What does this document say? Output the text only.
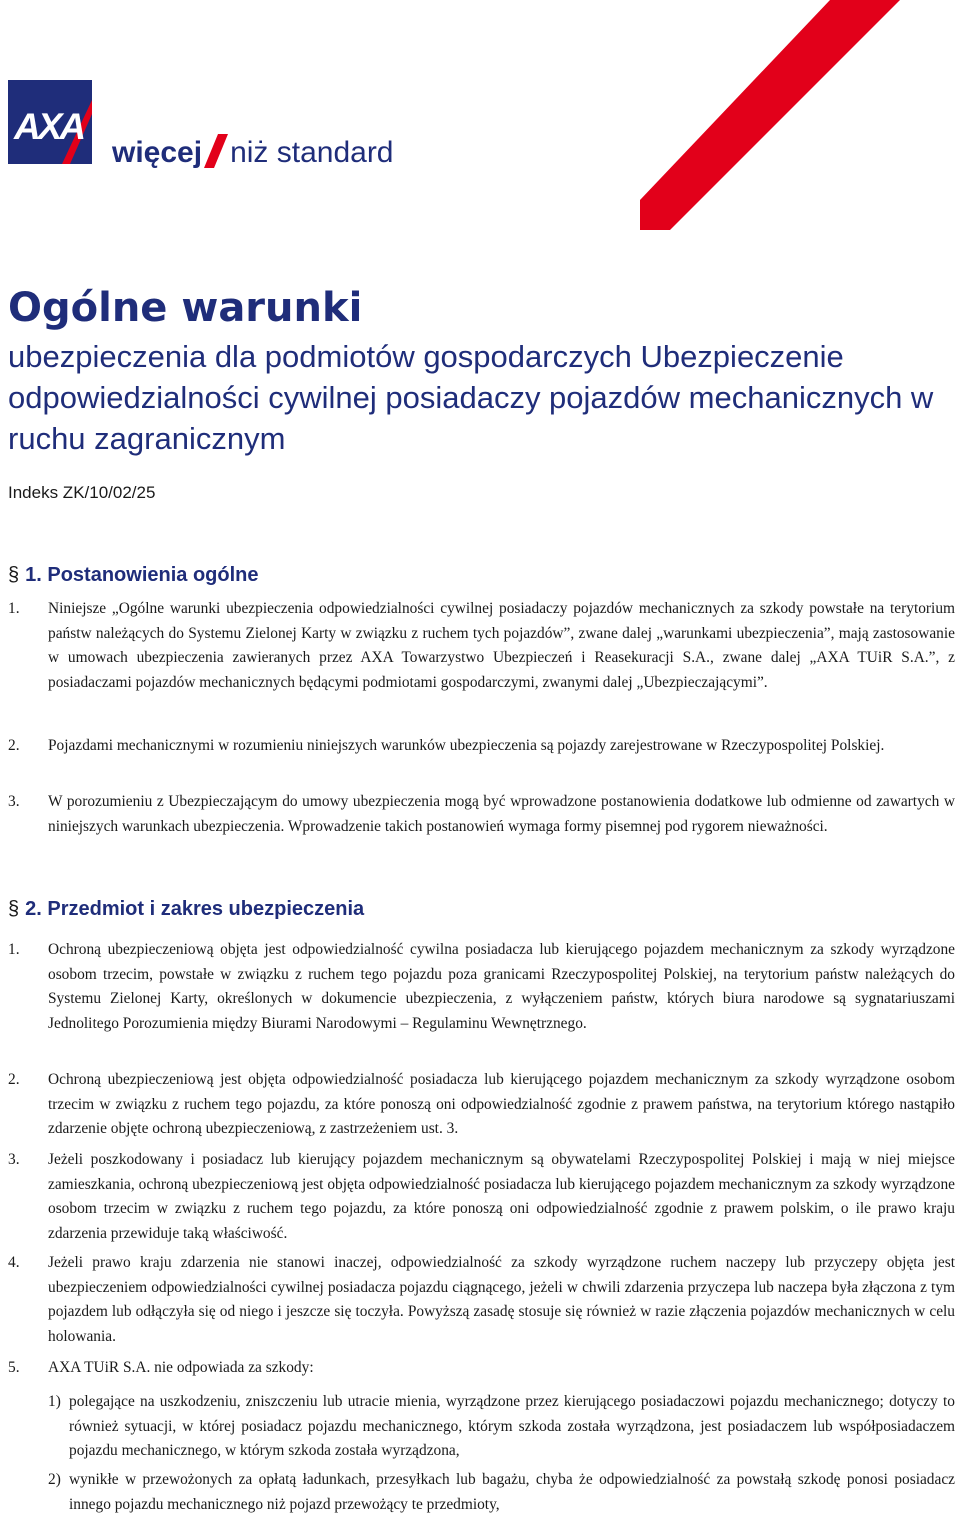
AXA
więcej niż standard
Ogólne warunki

ubezpieczenia dla podmiotów gospodarczych Ubezpieczenie odpowiedzialności cywilnej posiadaczy pojazdów mechanicznych w ruchu zagranicznym

Indeks ZK/10/02/25
§ 1. Postanowienia ogólne
1. Niniejsze „Ogólne warunki ubezpieczenia odpowiedzialności cywilnej posiadaczy pojazdów mechanicznych za szkody powstałe na terytorium państw należących do Systemu Zielonej Karty w związku z ruchem tych pojazdów”, zwane dalej „warunkami ubezpieczenia”, mają zastosowanie w umowach ubezpieczenia zawieranych przez AXA Towarzystwo Ubezpieczeń i Reasekuracji S.A., zwane dalej „AXA TUiR S.A.”, z posiadaczami pojazdów mechanicznych będącymi podmiotami gospodarczymi, zwanymi dalej „Ubezpieczającymi”.
2. Pojazdami mechanicznymi w rozumieniu niniejszych warunków ubezpieczenia są pojazdy zarejestrowane w Rzeczypospolitej Polskiej.
3. W porozumieniu z Ubezpieczającym do umowy ubezpieczenia mogą być wprowadzone postanowienia dodatkowe lub odmienne od zawartych w niniejszych warunkach ubezpieczenia. Wprowadzenie takich postanowień wymaga formy pisemnej pod rygorem nieważności.
§ 2. Przedmiot i zakres ubezpieczenia
1. Ochroną ubezpieczeniową objęta jest odpowiedzialność cywilna posiadacza lub kierującego pojazdem mechanicznym za szkody wyrządzone osobom trzecim, powstałe w związku z ruchem tego pojazdu poza granicami Rzeczypospolitej Polskiej, na terytorium państw należących do Systemu Zielonej Karty, określonych w dokumencie ubezpieczenia, z wyłączeniem państw, których biura narodowe są sygnatariuszami Jednolitego Porozumienia między Biurami Narodowymi – Regulaminu Wewnętrznego.
2. Ochroną ubezpieczeniową jest objęta odpowiedzialność posiadacza lub kierującego pojazdem mechanicznym za szkody wyrządzone osobom trzecim w związku z ruchem tego pojazdu, za które ponoszą oni odpowiedzialność zgodnie z prawem państwa, na terytorium którego nastąpiło zdarzenie objęte ochroną ubezpieczeniową, z zastrzeżeniem ust. 3.
3. Jeżeli poszkodowany i posiadacz lub kierujący pojazdem mechanicznym są obywatelami Rzeczypospolitej Polskiej i mają w niej miejsce zamieszkania, ochroną ubezpieczeniową jest objęta odpowiedzialność posiadacza lub kierującego pojazdem mechanicznym za szkody wyrządzone osobom trzecim w związku z ruchem tego pojazdu, za które ponoszą oni odpowiedzialność zgodnie z prawem polskim, o ile prawo kraju zdarzenia przewiduje taką właściwość.
4. Jeżeli prawo kraju zdarzenia nie stanowi inaczej, odpowiedzialność za szkody wyrządzone ruchem naczepy lub przyczepy objęta jest ubezpieczeniem odpowiedzialności cywilnej posiadacza pojazdu ciągnącego, jeżeli w chwili zdarzenia przyczepa lub naczepa była złączona z tym pojazdem lub odłączyła się od niego i jeszcze się toczyła. Powyższą zasadę stosuje się również w razie złączenia pojazdów mechanicznych w celu holowania.
5. AXA TUiR S.A. nie odpowiada za szkody:
1) polegające na uszkodzeniu, zniszczeniu lub utracie mienia, wyrządzone przez kierującego posiadaczowi pojazdu mechanicznego; dotyczy to również sytuacji, w której posiadacz pojazdu mechanicznego, którym szkoda została wyrządzona, jest posiadaczem lub współposiadaczem pojazdu mechanicznego, w którym szkoda została wyrządzona,
2) wynikłe w przewożonych za opłatą ładunkach, przesyłkach lub bagażu, chyba że odpowiedzialność za powstałą szkodę ponosi posiadacz innego pojazdu mechanicznego niż pojazd przewożący te przedmioty,
